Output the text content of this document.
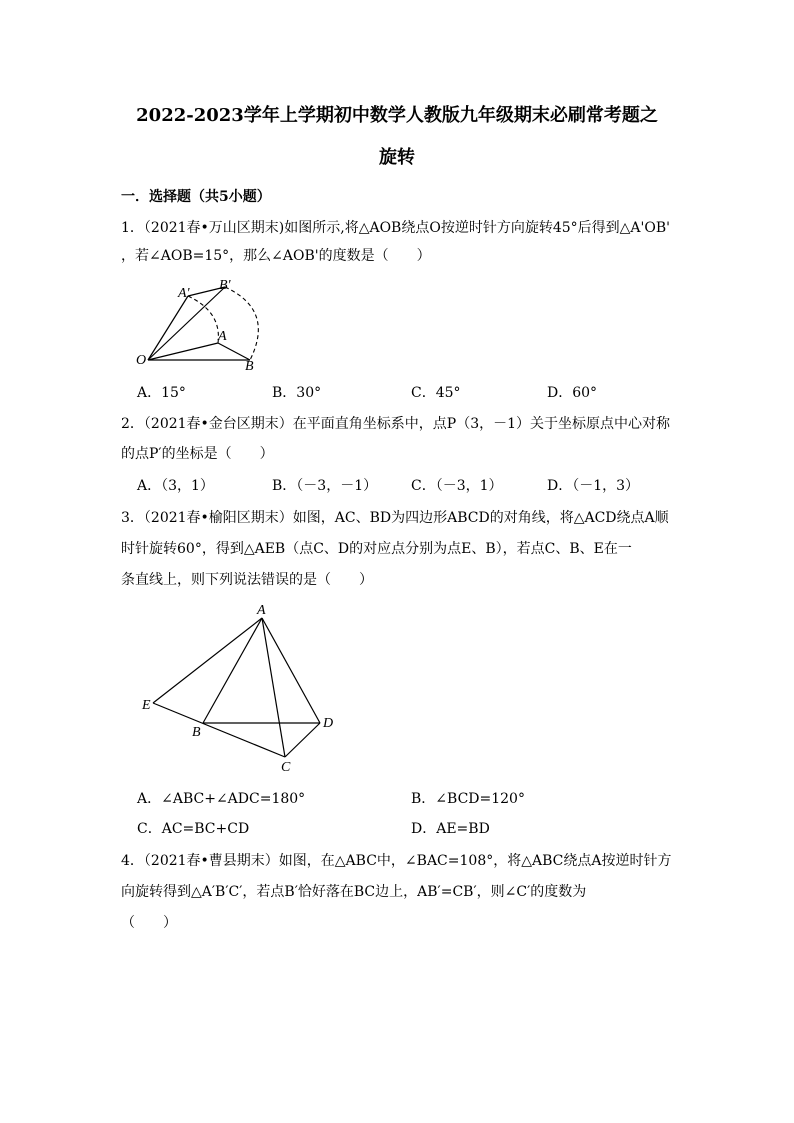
2022-2023学年上学期初中数学人教版九年级期末必刷常考题之
旋转
一．选择题（共5小题）
1．（2021春•万山区期末)如图所示,将△AOB绕点O按逆时针方向旋转45°后得到△A'OB'
，若∠AOB=15°，那么∠AOB'的度数是（　　）
A'
B'
A
O	B
A．15°	B．30°	C．45°	D．60°
2．（2021春•金台区期末）在平面直角坐标系中，点P（3，－1）关于坐标原点中心对称
的点P′的坐标是（　　）
A．（3，1）	B．（－3，－1） C．（－3，1）	D．（－1，3）
3．（2021春•榆阳区期末）如图，AC、BD为四边形ABCD的对角线，将△ACD绕点A顺
时针旋转60°，得到△AEB（点C、D的对应点分别为点E、B），若点C、B、E在一
条直线上，则下列说法错误的是（　　）
A
E
D
B
C
A．∠ABC+∠ADC=180°	B．∠BCD=120°
C．AC=BC+CD	D．AE=BD
4．（2021春•曹县期末）如图，在△ABC中，∠BAC=108°，将△ABC绕点A按逆时针方
向旋转得到△A′B′C′，若点B′恰好落在BC边上，AB′=CB′，则∠C′的度数为
（　　）
